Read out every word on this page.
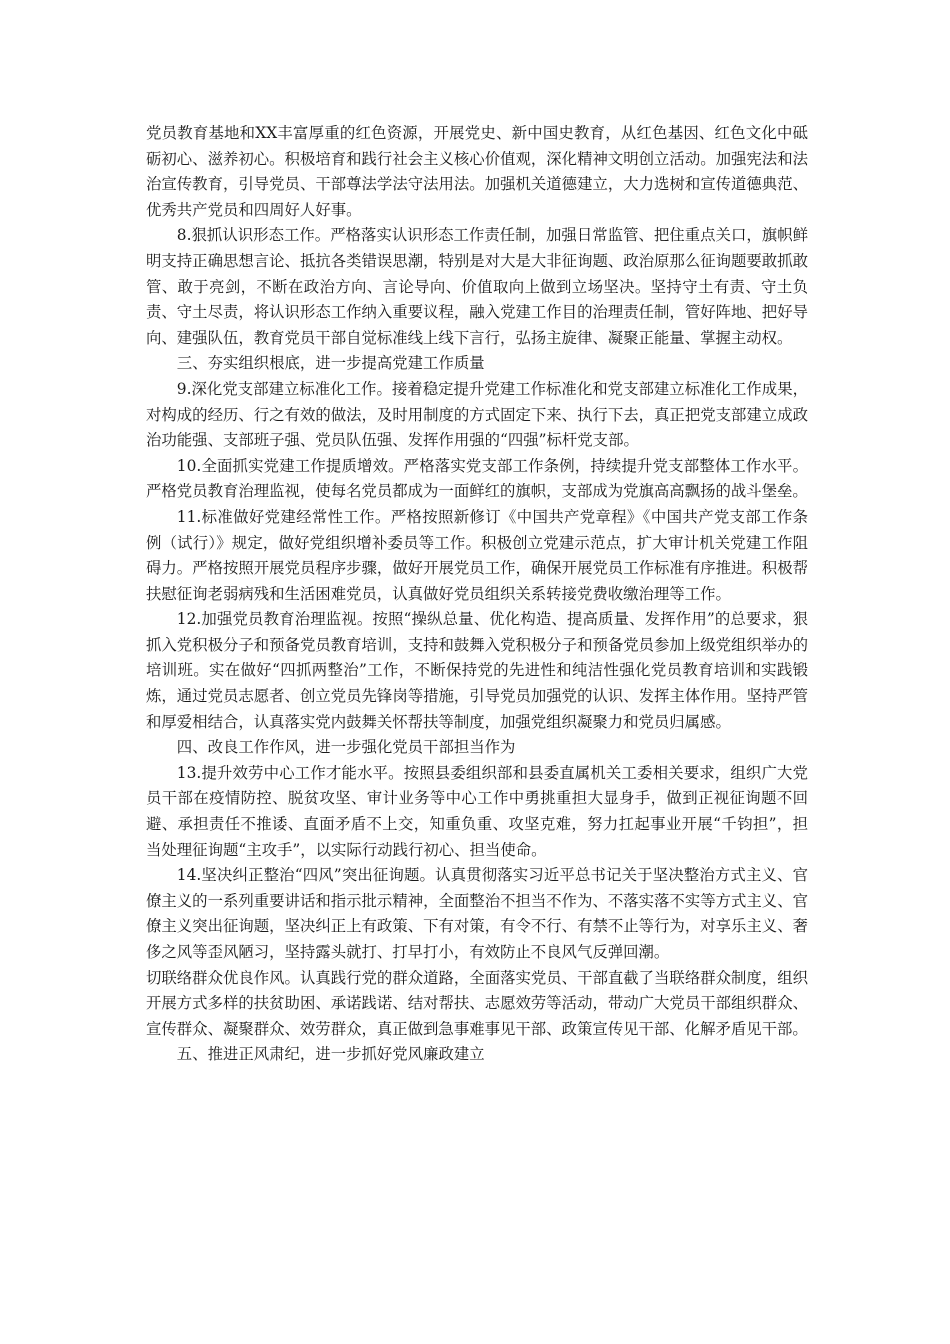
党员教育基地和XX丰富厚重的红色资源，开展党史、新中国史教育，从红色基因、红色文化中砥砺初心、滋养初心。积极培育和践行社会主义核心价值观，深化精神文明创立活动。加强宪法和法治宣传教育，引导党员、干部尊法学法守法用法。加强机关道德建立，大力选树和宣传道德典范、优秀共产党员和四周好人好事。

8.狠抓认识形态工作。严格落实认识形态工作责任制，加强日常监管、把住重点关口，旗帜鲜明支持正确思想言论、抵抗各类错误思潮，特别是对大是大非征询题、政治原那么征询题要敢抓敢管、敢于亮剑，不断在政治方向、言论导向、价值取向上做到立场坚决。坚持守土有责、守土负责、守土尽责，将认识形态工作纳入重要议程，融入党建工作目的治理责任制，管好阵地、把好导向、建强队伍，教育党员干部自觉标准线上线下言行，弘扬主旋律、凝聚正能量、掌握主动权。

三、夯实组织根底，进一步提高党建工作质量

9.深化党支部建立标准化工作。接着稳定提升党建工作标准化和党支部建立标准化工作成果，对构成的经历、行之有效的做法，及时用制度的方式固定下来、执行下去，真正把党支部建立成政治功能强、支部班子强、党员队伍强、发挥作用强的“四强”标杆党支部。

10.全面抓实党建工作提质增效。严格落实党支部工作条例，持续提升党支部整体工作水平。严格党员教育治理监视，使每名党员都成为一面鲜红的旗帜，支部成为党旗高高飘扬的战斗堡垒。

11.标准做好党建经常性工作。严格按照新修订《中国共产党章程》《中国共产党支部工作条例（试行）》规定，做好党组织增补委员等工作。积极创立党建示范点，扩大审计机关党建工作阻碍力。严格按照开展党员程序步骤，做好开展党员工作，确保开展党员工作标准有序推进。积极帮扶慰征询老弱病残和生活困难党员，认真做好党员组织关系转接党费收缴治理等工作。

12.加强党员教育治理监视。按照“操纵总量、优化构造、提高质量、发挥作用”的总要求，狠抓入党积极分子和预备党员教育培训，支持和鼓舞入党积极分子和预备党员参加上级党组织举办的培训班。实在做好“四抓两整治”工作，不断保持党的先进性和纯洁性强化党员教育培训和实践锻炼，通过党员志愿者、创立党员先锋岗等措施，引导党员加强党的认识、发挥主体作用。坚持严管和厚爱相结合，认真落实党内鼓舞关怀帮扶等制度，加强党组织凝聚力和党员归属感。

四、改良工作作风，进一步强化党员干部担当作为

13.提升效劳中心工作才能水平。按照县委组织部和县委直属机关工委相关要求，组织广大党员干部在疫情防控、脱贫攻坚、审计业务等中心工作中勇挑重担大显身手，做到正视征询题不回避、承担责任不推诿、直面矛盾不上交，知重负重、攻坚克难，努力扛起事业开展“千钧担”，担当处理征询题“主攻手”，以实际行动践行初心、担当使命。

14.坚决纠正整治“四风”突出征询题。认真贯彻落实习近平总书记关于坚决整治方式主义、官僚主义的一系列重要讲话和指示批示精神，全面整治不担当不作为、不落实落不实等方式主义、官僚主义突出征询题，坚决纠正上有政策、下有对策，有令不行、有禁不止等行为，对享乐主义、奢侈之风等歪风陋习，坚持露头就打、打早打小，有效防止不良风气反弹回潮。

切联络群众优良作风。认真践行党的群众道路，全面落实党员、干部直截了当联络群众制度，组织开展方式多样的扶贫助困、承诺践诺、结对帮扶、志愿效劳等活动，带动广大党员干部组织群众、宣传群众、凝聚群众、效劳群众，真正做到急事难事见干部、政策宣传见干部、化解矛盾见干部。

五、推进正风肃纪，进一步抓好党风廉政建立
